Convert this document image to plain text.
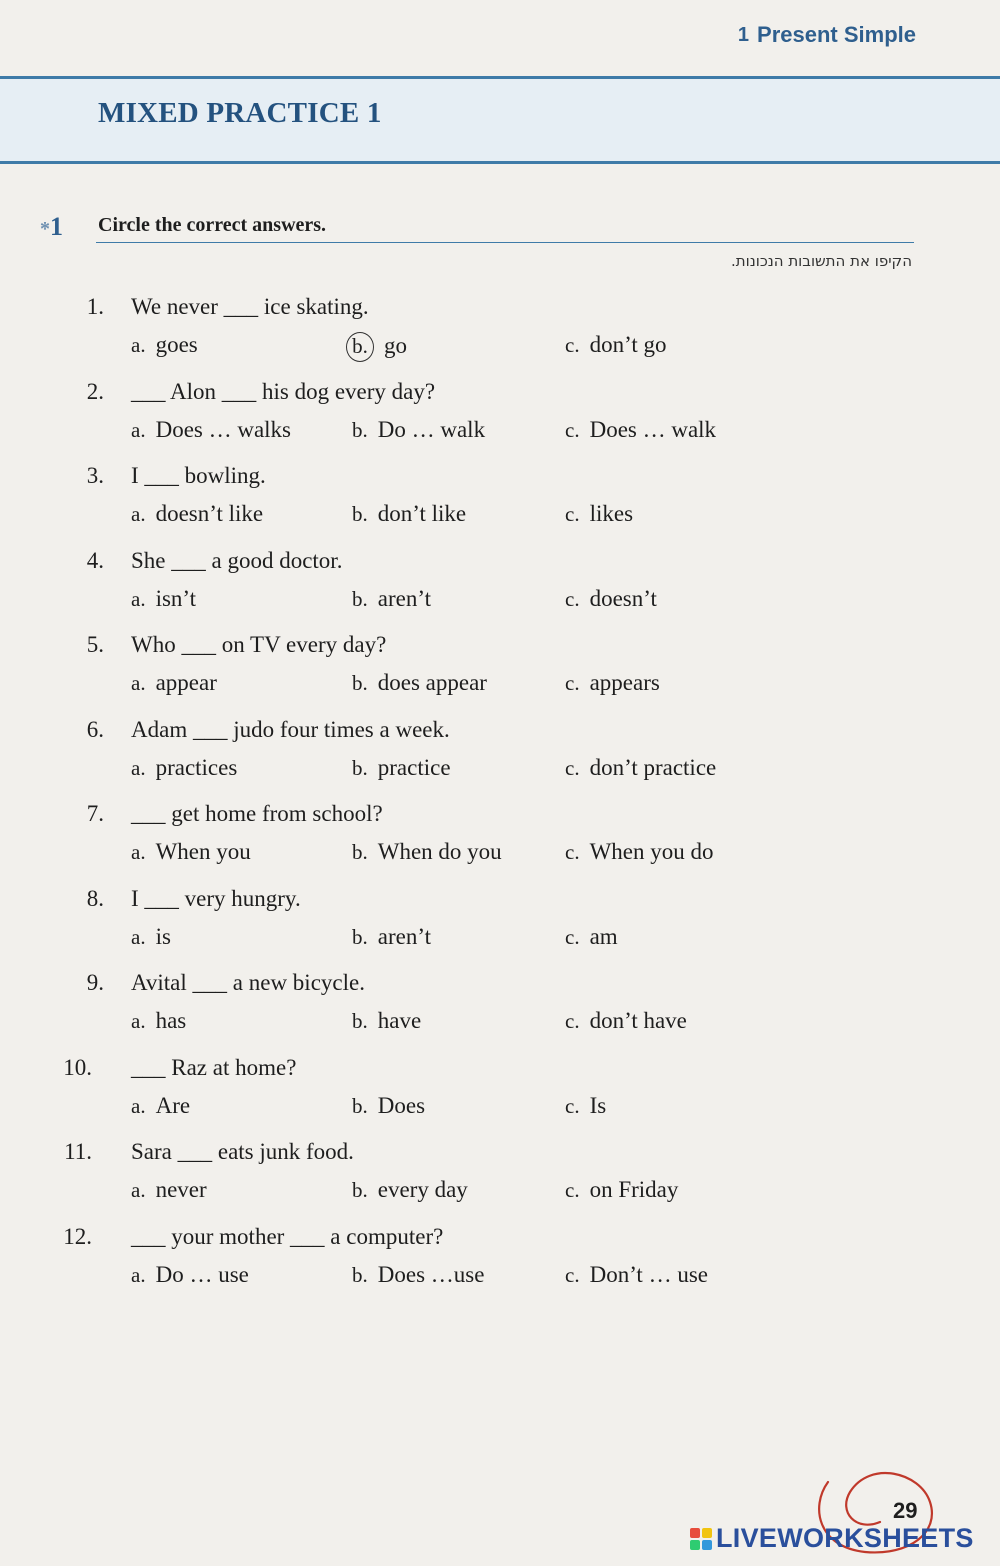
1 Present Simple
MIXED PRACTICE 1
*1 Circle the correct answers.
הקיפו את התשובות הנכונות.
1. We never ___ ice skating.
a. goes	b. go	c. don’t go
2. ___ Alon ___ his dog every day?
a. Does … walks	b. Do … walk	c. Does … walk
3. I ___ bowling.
a. doesn’t like	b. don’t like	c. likes
4. She ___ a good doctor.
a. isn’t	b. aren’t	c. doesn’t
5. Who ___ on TV every day?
a. appear	b. does appear	c. appears
6. Adam ___ judo four times a week.
a. practices	b. practice	c. don’t practice
7. ___ get home from school?
a. When you	b. When do you	c. When you do
8. I ___ very hungry.
a. is	b. aren’t	c. am
9. Avital ___ a new bicycle.
a. has	b. have	c. don’t have
10. ___ Raz at home?
a. Are	b. Does	c. Is
11. Sara ___ eats junk food.
a. never	b. every day	c. on Friday
12. ___ your mother ___ a computer?
a. Do … use	b. Does …use	c. Don’t … use
29
LIVEWORKSHEETS
